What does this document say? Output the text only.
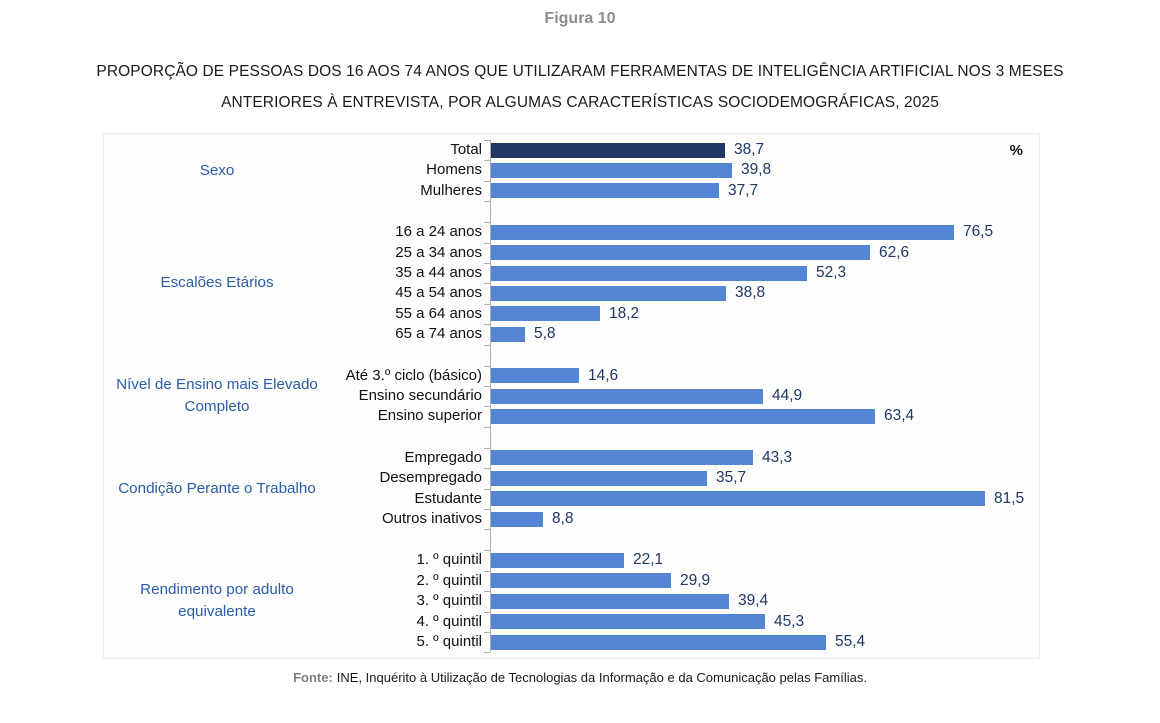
Figura 10
PROPORÇÃO DE PESSOAS DOS 16 AOS 74 ANOS QUE UTILIZARAM FERRAMENTAS DE INTELIGÊNCIA ARTIFICIAL NOS 3 MESES
ANTERIORES À ENTREVISTA, POR ALGUMAS CARACTERÍSTICAS SOCIODEMOGRÁFICAS, 2025
Total	38,7
Homens	39,8
Mulheres	37,7
16 a 24 anos	76,5
25 a 34 anos	62,6
35 a 44 anos	52,3
45 a 54 anos	38,8
55 a 64 anos	18,2
65 a 74 anos	5,8
Até 3.º ciclo (básico)	14,6
Ensino secundário	44,9
Ensino superior	63,4
Empregado	43,3
Desempregado	35,7
Estudante	81,5
Outros inativos	8,8
1. º quintil	22,1
2. º quintil	29,9
3. º quintil	39,4
4. º quintil	45,3
5. º quintil	55,4
%
Sexo
Escalões Etários
Nível de Ensino mais Elevado Completo
Condição Perante o Trabalho
Rendimento por adulto equivalente
Fonte: INE, Inquérito à Utilização de Tecnologias da Informação e da Comunicação pelas Famílias.
